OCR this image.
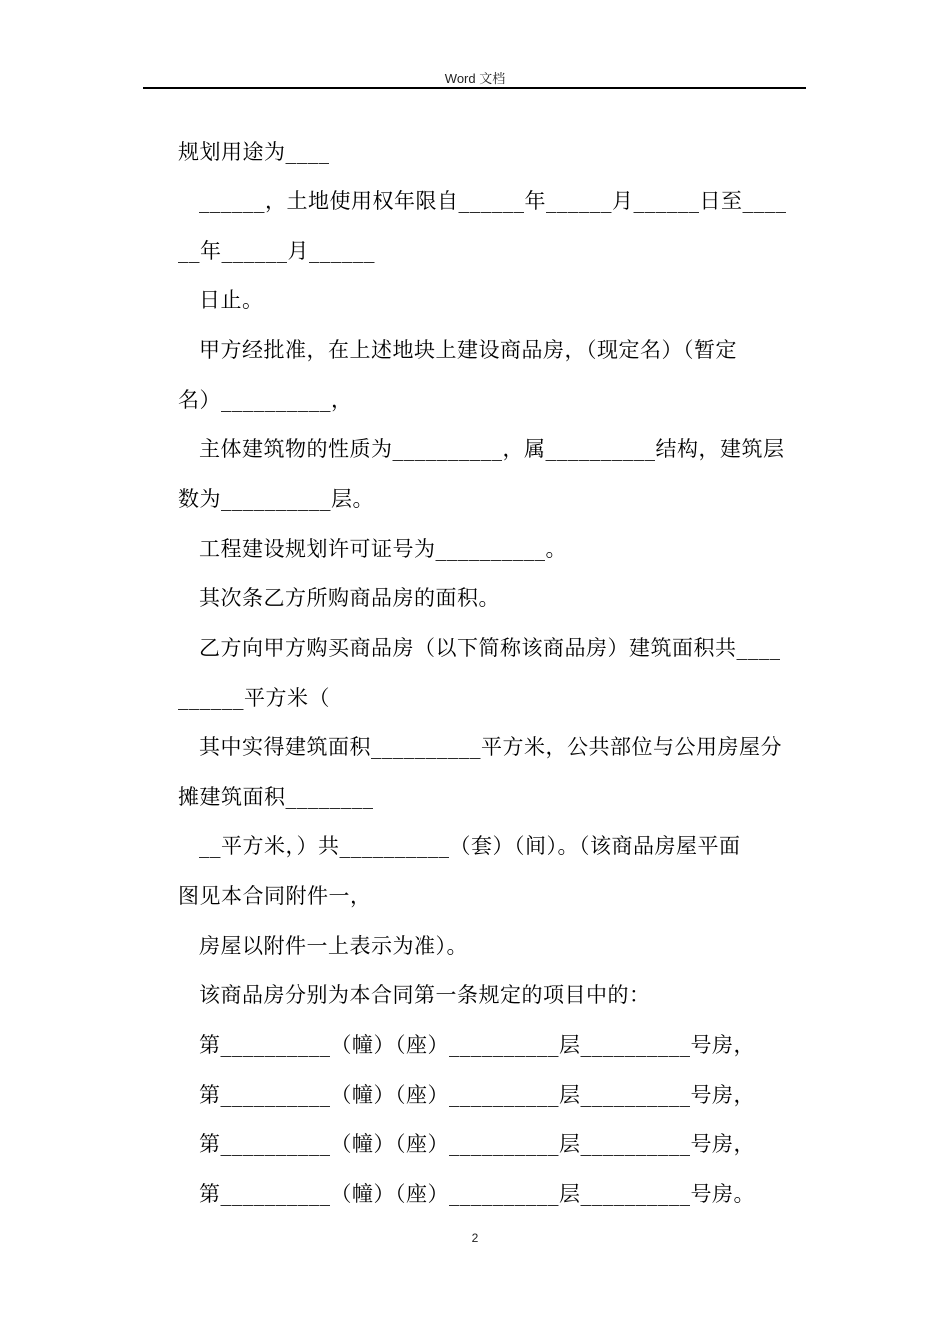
Word 文档
规划用途为____
______，土地使用权年限自______年______月______日至____
__年______月______
日止。
甲方经批准，在上述地块上建设商品房，（现定名）（暂定
名）__________，
主体建筑物的性质为__________，属__________结构，建筑层
数为__________层。
工程建设规划许可证号为__________。
其次条乙方所购商品房的面积。
乙方向甲方购买商品房（以下简称该商品房）建筑面积共____
______平方米（
其中实得建筑面积__________平方米，公共部位与公用房屋分
摊建筑面积________
__平方米，）共__________（套）（间）。（该商品房屋平面
图见本合同附件一，
房屋以附件一上表示为准）。
该商品房分别为本合同第一条规定的项目中的：
第__________（幢）（座）__________层__________号房，
第__________（幢）（座）__________层__________号房，
第__________（幢）（座）__________层__________号房，
第__________（幢）（座）__________层__________号房。
2
